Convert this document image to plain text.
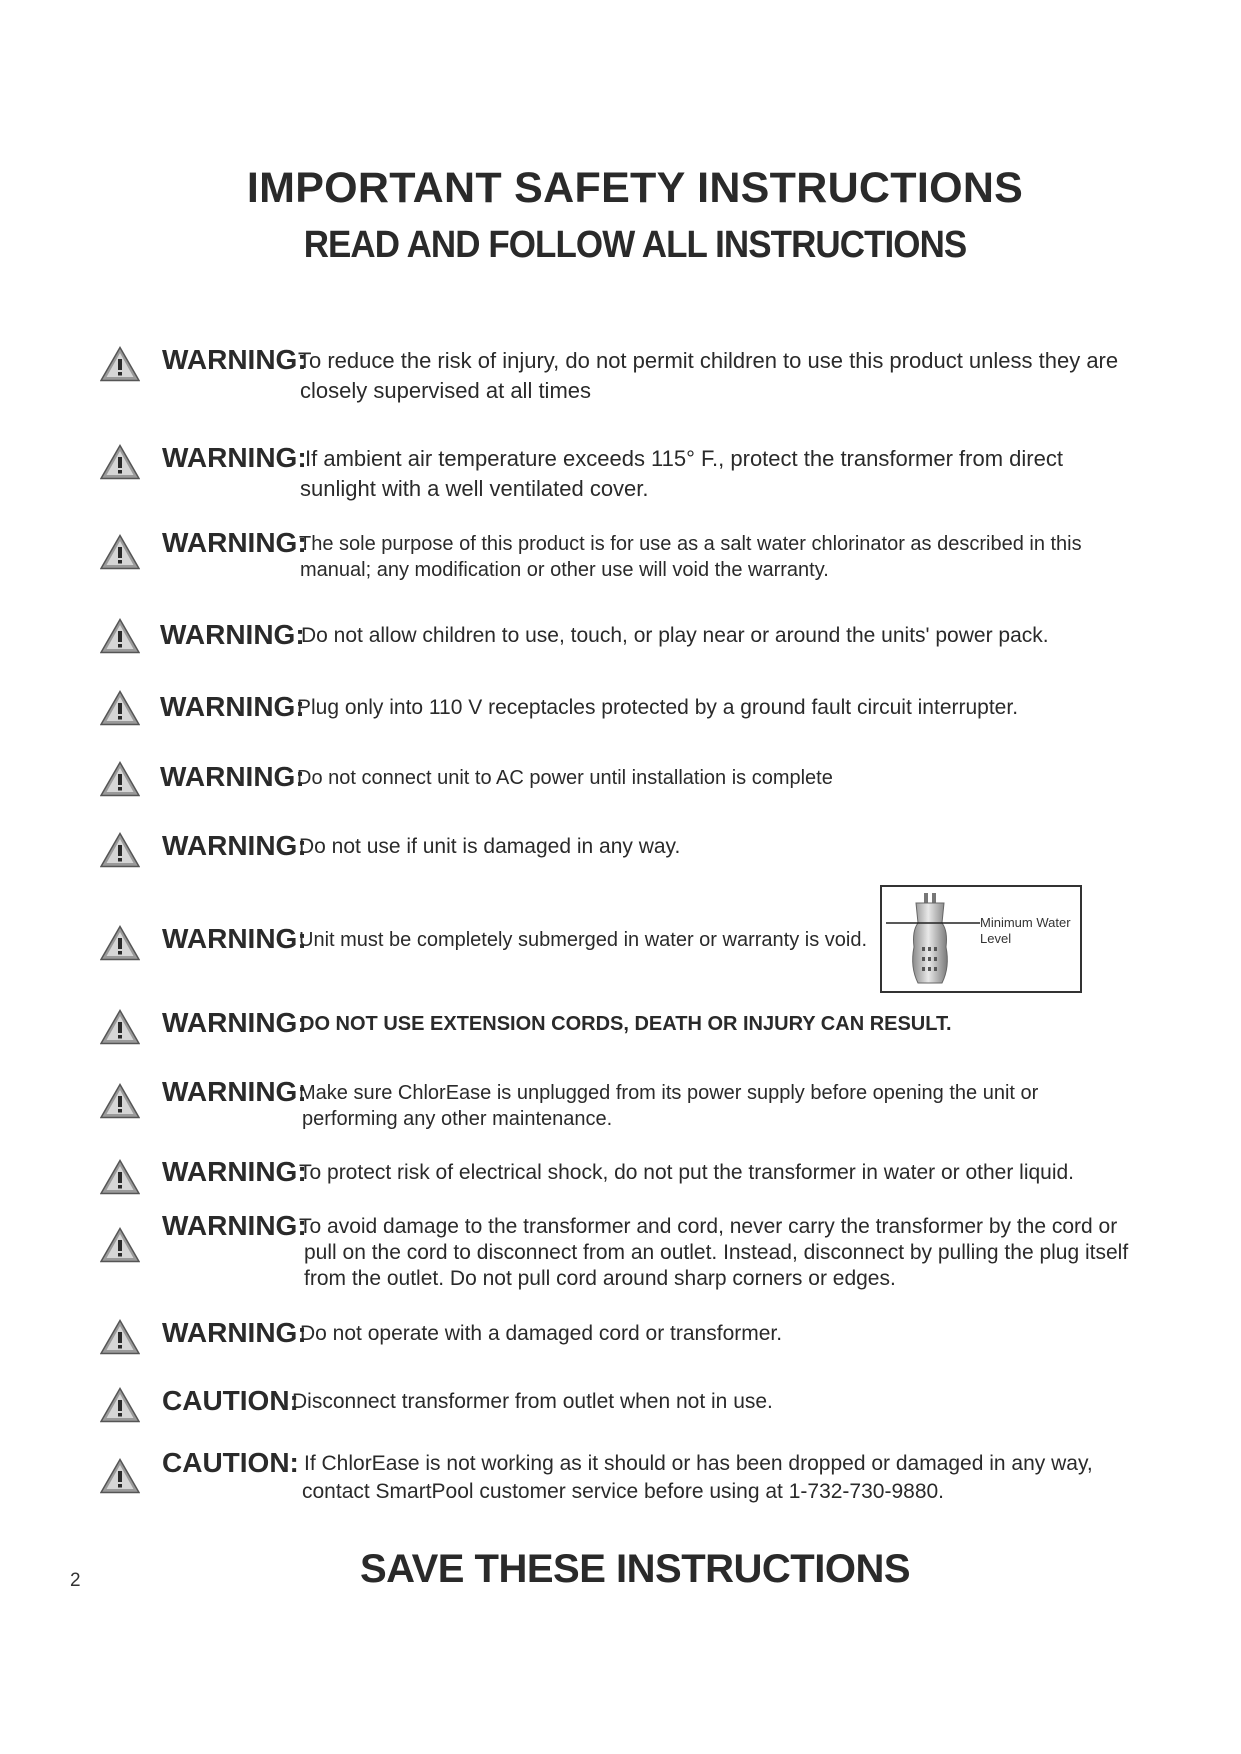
IMPORTANT SAFETY INSTRUCTIONS
READ AND FOLLOW ALL INSTRUCTIONS
WARNING:
To reduce the risk of injury, do not permit children to use this product unless they are
closely supervised at all times
WARNING:
If ambient air temperature exceeds 115° F., protect the transformer from direct
sunlight with a well ventilated cover.
WARNING:
The sole purpose of this product is for use as a salt water chlorinator as described in this
manual; any modification or other use will void the warranty.
WARNING:
Do not allow children to use, touch, or play near or around the units' power pack.
WARNING:
Plug only into 110 V receptacles protected by a ground fault circuit interrupter.
WARNING:
Do not connect unit to AC power until installation is complete
WARNING:
Do not use if unit is damaged in any way.
WARNING:
Unit must be completely submerged in water or warranty is void.
WARNING:
DO NOT USE EXTENSION CORDS, DEATH OR INJURY CAN RESULT.
WARNING:
Make sure ChlorEase is unplugged from its power supply before opening the unit or
performing any other maintenance.
WARNING:
To protect risk of electrical shock, do not put the transformer in water or other liquid.
WARNING:
To avoid damage to the transformer and cord, never carry the transformer by the cord or
pull on the cord to disconnect from an outlet. Instead, disconnect by pulling the plug itself
from the outlet. Do not pull cord around sharp corners or edges.
WARNING:
Do not operate with a damaged cord or transformer.
CAUTION:
Disconnect transformer from outlet when not in use.
CAUTION: If ChlorEase is not working as it should or has been dropped or damaged in any way,
contact SmartPool customer service before using at 1-732-730-9880.
Minimum Water
Level
SAVE THESE INSTRUCTIONS
2
